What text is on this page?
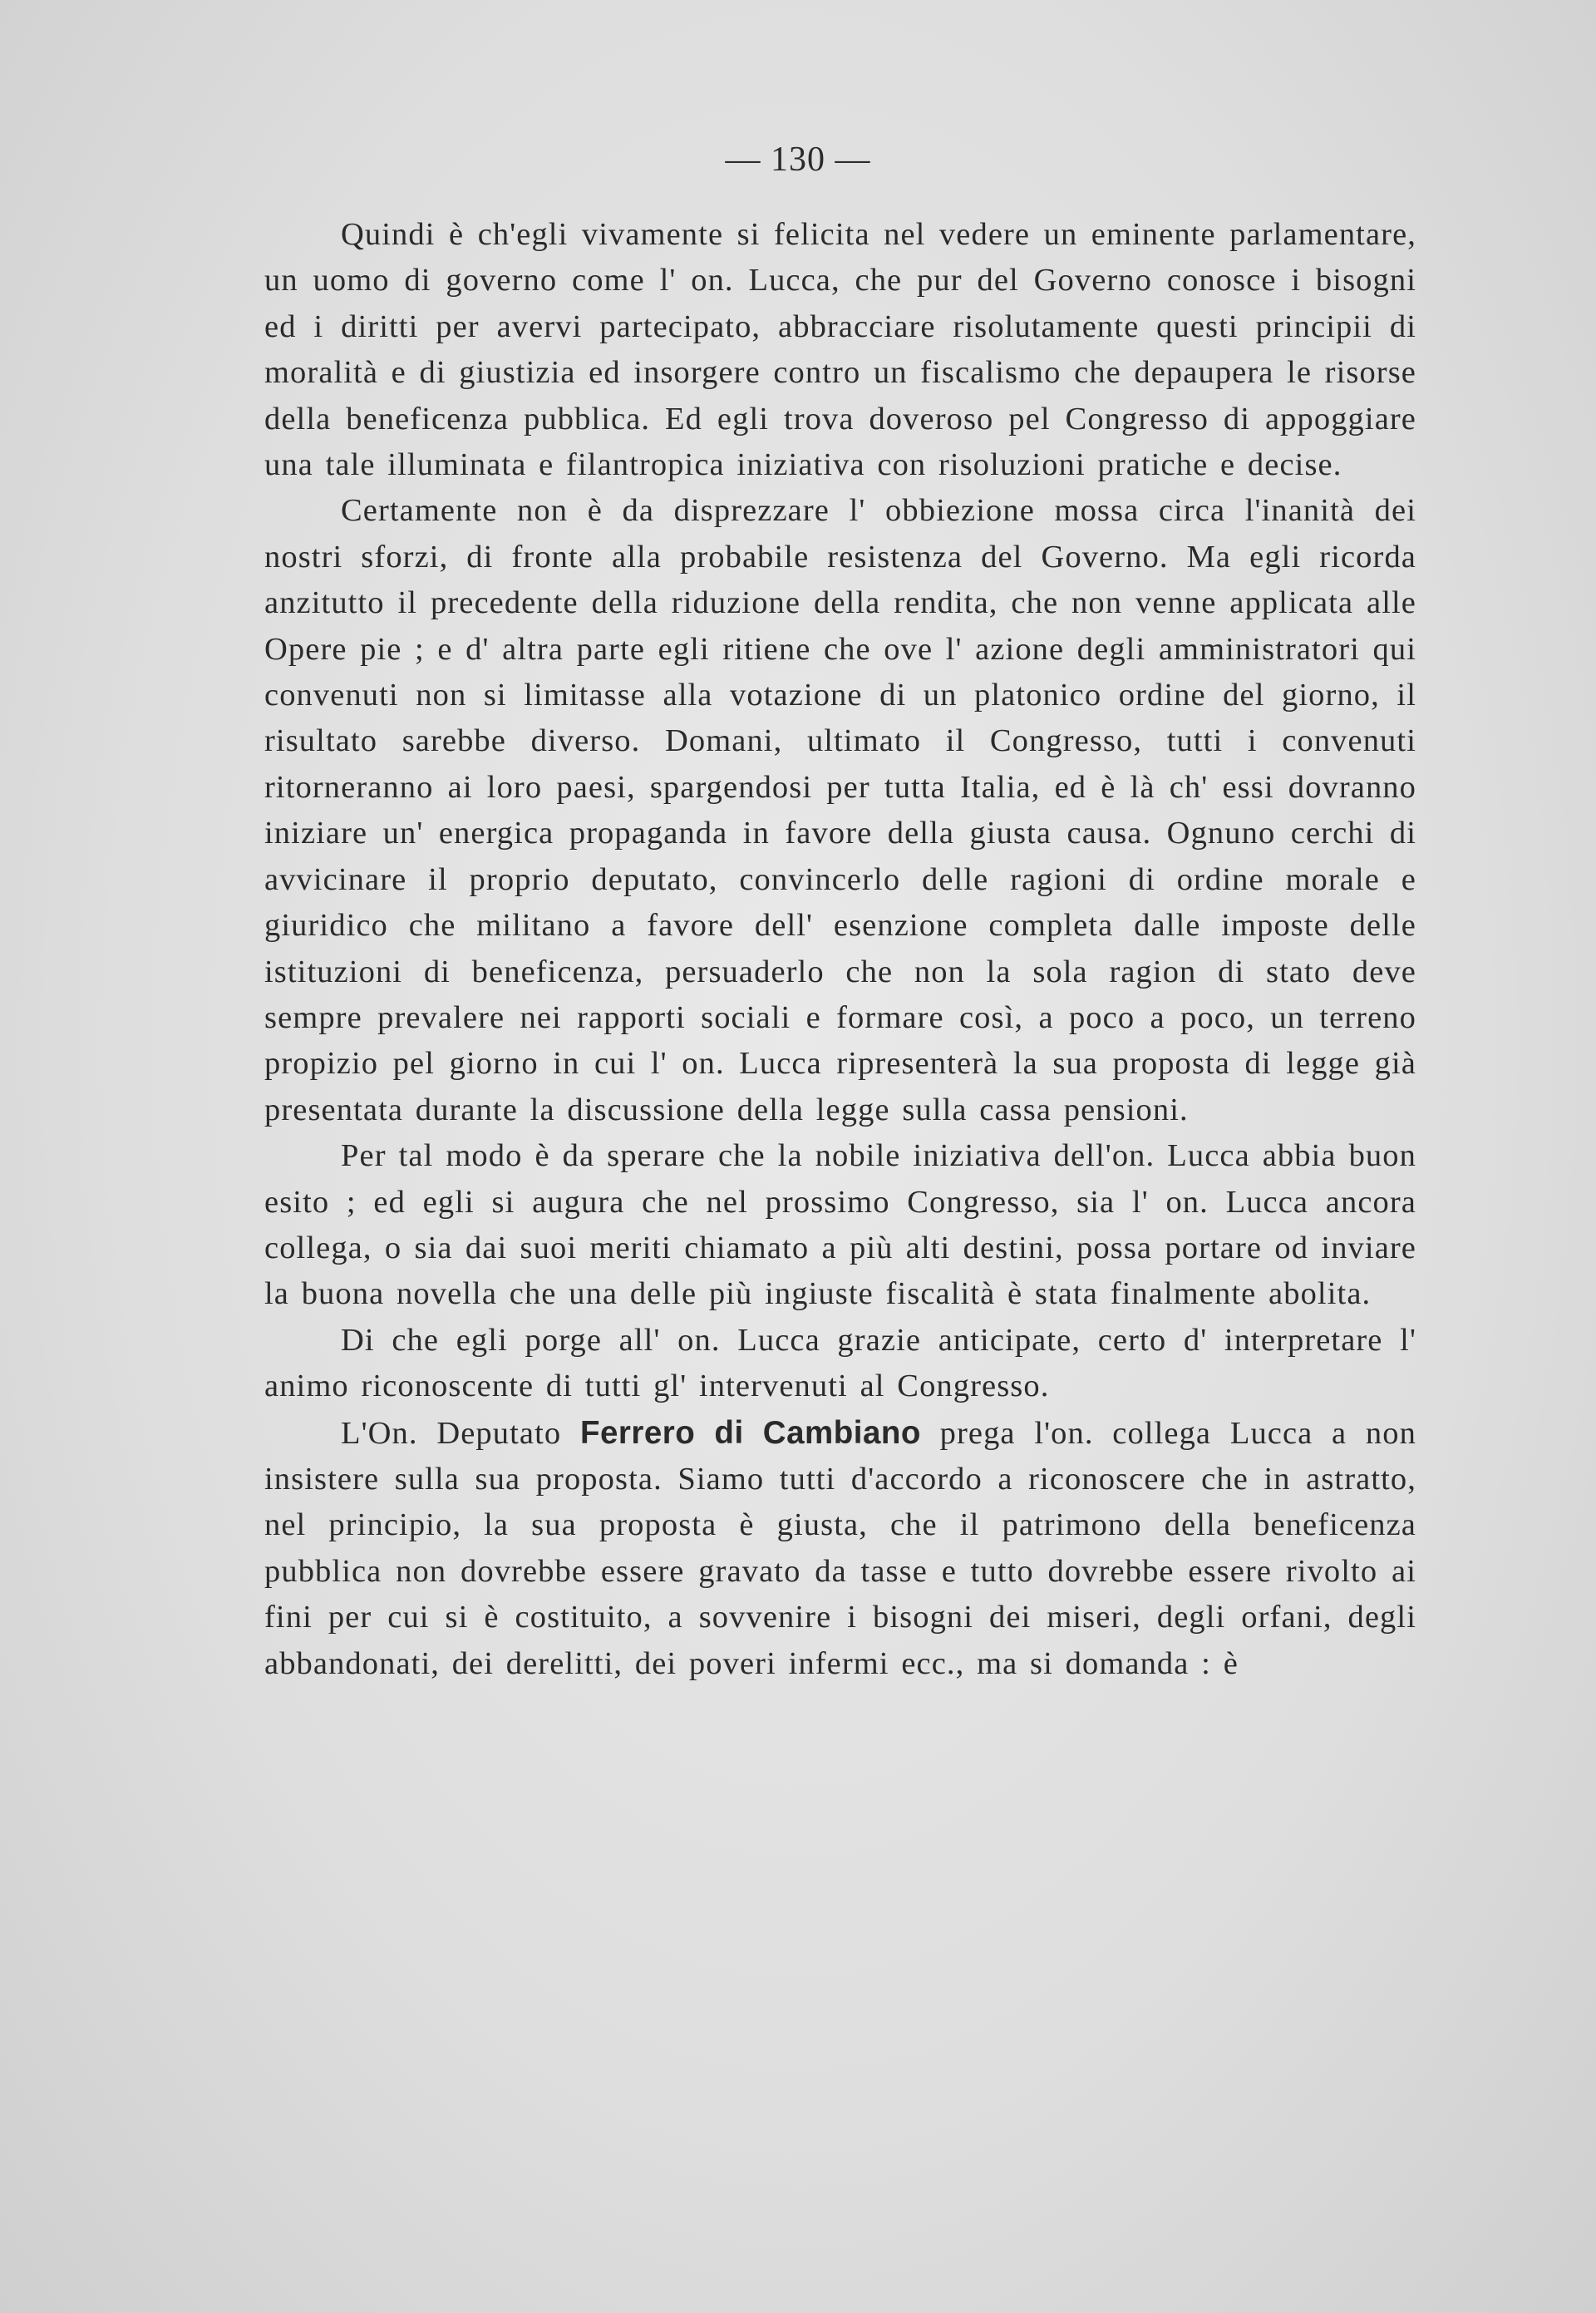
— 130 —

Quindi è ch'egli vivamente si felicita nel vedere un eminente parlamentare, un uomo di governo come l' on. Lucca, che pur del Governo conosce i bisogni ed i diritti per avervi partecipato, abbracciare risolutamente questi principii di moralità e di giustizia ed insorgere contro un fiscalismo che depaupera le risorse della beneficenza pubblica. Ed egli trova doveroso pel Congresso di appoggiare una tale illuminata e filantropica iniziativa con risoluzioni pratiche e decise.

Certamente non è da disprezzare l' obbiezione mossa circa l'inanità dei nostri sforzi, di fronte alla probabile resistenza del Governo. Ma egli ricorda anzitutto il precedente della riduzione della rendita, che non venne applicata alle Opere pie ; e d' altra parte egli ritiene che ove l' azione degli amministratori qui convenuti non si limitasse alla votazione di un platonico ordine del giorno, il risultato sarebbe diverso. Domani, ultimato il Congresso, tutti i convenuti ritorneranno ai loro paesi, spargendosi per tutta Italia, ed è là ch' essi dovranno iniziare un' energica propaganda in favore della giusta causa. Ognuno cerchi di avvicinare il proprio deputato, convincerlo delle ragioni di ordine morale e giuridico che militano a favore dell' esenzione completa dalle imposte delle istituzioni di beneficenza, persuaderlo che non la sola ragion di stato deve sempre prevalere nei rapporti sociali e formare così, a poco a poco, un terreno propizio pel giorno in cui l' on. Lucca ripresenterà la sua proposta di legge già presentata durante la discussione della legge sulla cassa pensioni.

Per tal modo è da sperare che la nobile iniziativa dell'on. Lucca abbia buon esito ; ed egli si augura che nel prossimo Congresso, sia l' on. Lucca ancora collega, o sia dai suoi meriti chiamato a più alti destini, possa portare od inviare la buona novella che una delle più ingiuste fiscalità è stata finalmente abolita.

Di che egli porge all' on. Lucca grazie anticipate, certo d' interpretare l' animo riconoscente di tutti gl' intervenuti al Congresso.

L'On. Deputato Ferrero di Cambiano prega l'on. collega Lucca a non insistere sulla sua proposta. Siamo tutti d'accordo a riconoscere che in astratto, nel principio, la sua proposta è giusta, che il patrimono della beneficenza pubblica non dovrebbe essere gravato da tasse e tutto dovrebbe essere rivolto ai fini per cui si è costituito, a sovvenire i bisogni dei miseri, degli orfani, degli abbandonati, dei derelitti, dei poveri infermi ecc., ma si domanda : è
